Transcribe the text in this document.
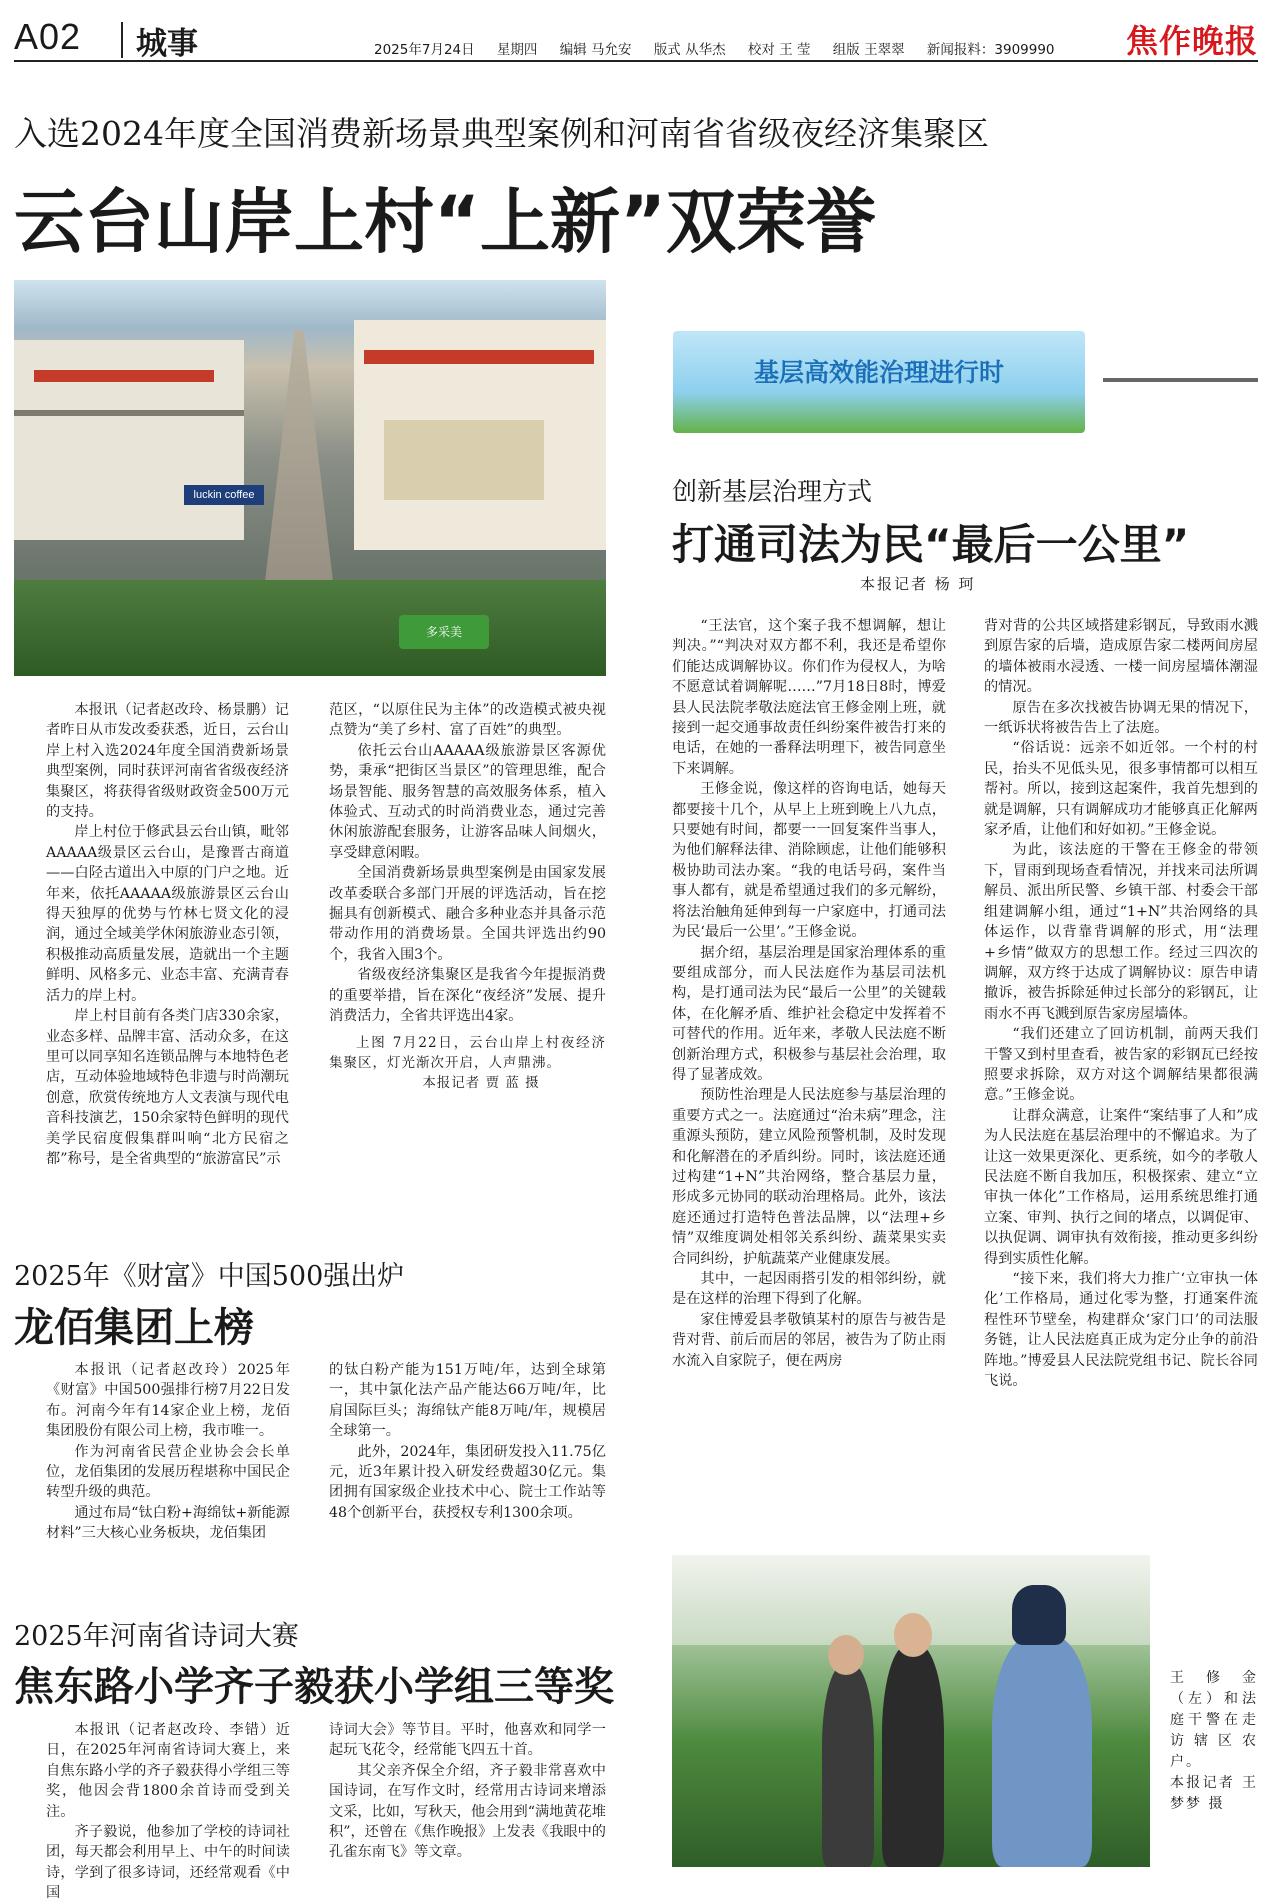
A02 城事	2025年7月24日 星期四 编辑 马允安 版式 从华杰 校对 王 莹 组版 王翠翠 新闻报料：3909990	焦作晚报
入选2024年度全国消费新场景典型案例和河南省省级夜经济集聚区
云台山岸上村“上新”双荣誉
luckin coffee
多采美

本报讯（记者赵改玲、杨景鹏）记者昨日从市发改委获悉，近日，云台山岸上村入选2024年度全国消费新场景典型案例，同时获评河南省省级夜经济集聚区，将获得省级财政资金500万元的支持。

岸上村位于修武县云台山镇，毗邻AAAAA级景区云台山，是豫晋古商道——白陉古道出入中原的门户之地。近年来，依托AAAAA级旅游景区云台山得天独厚的优势与竹林七贤文化的浸润，通过全域美学休闲旅游业态引领，积极推动高质量发展，造就出一个主题鲜明、风格多元、业态丰富、充满青春活力的岸上村。

岸上村目前有各类门店330余家，业态多样、品牌丰富、活动众多，在这里可以同享知名连锁品牌与本地特色老店，互动体验地域特色非遗与时尚潮玩创意，欣赏传统地方人文表演与现代电音科技演艺，150余家特色鲜明的现代美学民宿度假集群叫响“北方民宿之都”称号，是全省典型的“旅游富民”示

范区，“以原住民为主体”的改造模式被央视点赞为“美了乡村、富了百姓”的典型。

依托云台山AAAAA级旅游景区客源优势，秉承“把街区当景区”的管理思维，配合场景智能、服务智慧的高效服务体系，植入体验式、互动式的时尚消费业态，通过完善休闲旅游配套服务，让游客品味人间烟火，享受肆意闲暇。

全国消费新场景典型案例是由国家发展改革委联合多部门开展的评选活动，旨在挖掘具有创新模式、融合多种业态并具备示范带动作用的消费场景。全国共评选出约90个，我省入围3个。

省级夜经济集聚区是我省今年提振消费的重要举措，旨在深化“夜经济”发展、提升消费活力，全省共评选出4家。

上图 7月22日，云台山岸上村夜经济集聚区，灯光渐次开启，人声鼎沸。

本报记者 贾 蓝 摄

基层高效能治理进行时
创新基层治理方式
打通司法为民“最后一公里”
本报记者 杨 珂

“王法官，这个案子我不想调解，想让判决。”“判决对双方都不利，我还是希望你们能达成调解协议。你们作为侵权人，为啥不愿意试着调解呢……”7月18日8时，博爱县人民法院孝敬法庭法官王修金刚上班，就接到一起交通事故责任纠纷案件被告打来的电话，在她的一番释法明理下，被告同意坐下来调解。

王修金说，像这样的咨询电话，她每天都要接十几个，从早上上班到晚上八九点，只要她有时间，都要一一回复案件当事人，为他们解释法律、消除顾虑，让他们能够积极协助司法办案。“我的电话号码，案件当事人都有，就是希望通过我们的多元解纷，将法治触角延伸到每一户家庭中，打通司法为民‘最后一公里’。”王修金说。

据介绍，基层治理是国家治理体系的重要组成部分，而人民法庭作为基层司法机构，是打通司法为民“最后一公里”的关键载体，在化解矛盾、维护社会稳定中发挥着不可替代的作用。近年来，孝敬人民法庭不断创新治理方式，积极参与基层社会治理，取得了显著成效。

预防性治理是人民法庭参与基层治理的重要方式之一。法庭通过“治未病”理念，注重源头预防，建立风险预警机制，及时发现和化解潜在的矛盾纠纷。同时，该法庭还通过构建“1+N”共治网络，整合基层力量，形成多元协同的联动治理格局。此外，该法庭还通过打造特色普法品牌，以“法理+乡情”双维度调处相邻关系纠纷、蔬菜果实卖合同纠纷，护航蔬菜产业健康发展。

其中，一起因雨搭引发的相邻纠纷，就是在这样的治理下得到了化解。

家住博爱县孝敬镇某村的原告与被告是背对背、前后而居的邻居，被告为了防止雨水流入自家院子，便在两房

背对背的公共区域搭建彩钢瓦，导致雨水溅到原告家的后墙，造成原告家二楼两间房屋的墙体被雨水浸透、一楼一间房屋墙体潮湿的情况。

原告在多次找被告协调无果的情况下，一纸诉状将被告告上了法庭。

“俗话说：远亲不如近邻。一个村的村民，抬头不见低头见，很多事情都可以相互帮衬。所以，接到这起案件，我首先想到的就是调解，只有调解成功才能够真正化解两家矛盾，让他们和好如初。”王修金说。

为此，该法庭的干警在王修金的带领下，冒雨到现场查看情况，并找来司法所调解员、派出所民警、乡镇干部、村委会干部组建调解小组，通过“1+N”共治网络的具体运作，以背靠背调解的形式，用“法理+乡情”做双方的思想工作。经过三四次的调解，双方终于达成了调解协议：原告申请撤诉，被告拆除延伸过长部分的彩钢瓦，让雨水不再飞溅到原告家房屋墙体。

“我们还建立了回访机制，前两天我们干警又到村里查看，被告家的彩钢瓦已经按照要求拆除，双方对这个调解结果都很满意。”王修金说。

让群众满意，让案件“案结事了人和”成为人民法庭在基层治理中的不懈追求。为了让这一效果更深化、更系统，如今的孝敬人民法庭不断自我加压，积极探索、建立“立审执一体化”工作格局，运用系统思维打通立案、审判、执行之间的堵点，以调促审、以执促调、调审执有效衔接，推动更多纠纷得到实质性化解。

“接下来，我们将大力推广‘立审执一体化’工作格局，通过化零为整，打通案件流程性环节壁垒，构建群众‘家门口’的司法服务链，让人民法庭真正成为定分止争的前沿阵地。”博爱县人民法院党组书记、院长谷同飞说。

王修金（左）和法庭干警在走访辖区农户。
本报记者 王梦梦 摄
2025年《财富》中国500强出炉
龙佰集团上榜

本报讯（记者赵改玲）2025年《财富》中国500强排行榜7月22日发布。河南今年有14家企业上榜，龙佰集团股份有限公司上榜，我市唯一。

作为河南省民营企业协会会长单位，龙佰集团的发展历程堪称中国民企转型升级的典范。

通过布局“钛白粉+海绵钛+新能源材料”三大核心业务板块，龙佰集团

的钛白粉产能为151万吨/年，达到全球第一，其中氯化法产品产能达66万吨/年，比肩国际巨头；海绵钛产能8万吨/年，规模居全球第一。

此外，2024年，集团研发投入11.75亿元，近3年累计投入研发经费超30亿元。集团拥有国家级企业技术中心、院士工作站等48个创新平台，获授权专利1300余项。

2025年河南省诗词大赛
焦东路小学齐子毅获小学组三等奖

本报讯（记者赵改玲、李错）近日，在2025年河南省诗词大赛上，来自焦东路小学的齐子毅获得小学组三等奖，他因会背1800余首诗而受到关注。

齐子毅说，他参加了学校的诗词社团，每天都会利用早上、中午的时间读诗，学到了很多诗词，还经常观看《中国

诗词大会》等节目。平时，他喜欢和同学一起玩飞花令，经常能飞四五十首。

其父亲齐保全介绍，齐子毅非常喜欢中国诗词，在写作文时，经常用古诗词来增添文采，比如，写秋天，他会用到“满地黄花堆积”，还曾在《焦作晚报》上发表《我眼中的孔雀东南飞》等文章。
